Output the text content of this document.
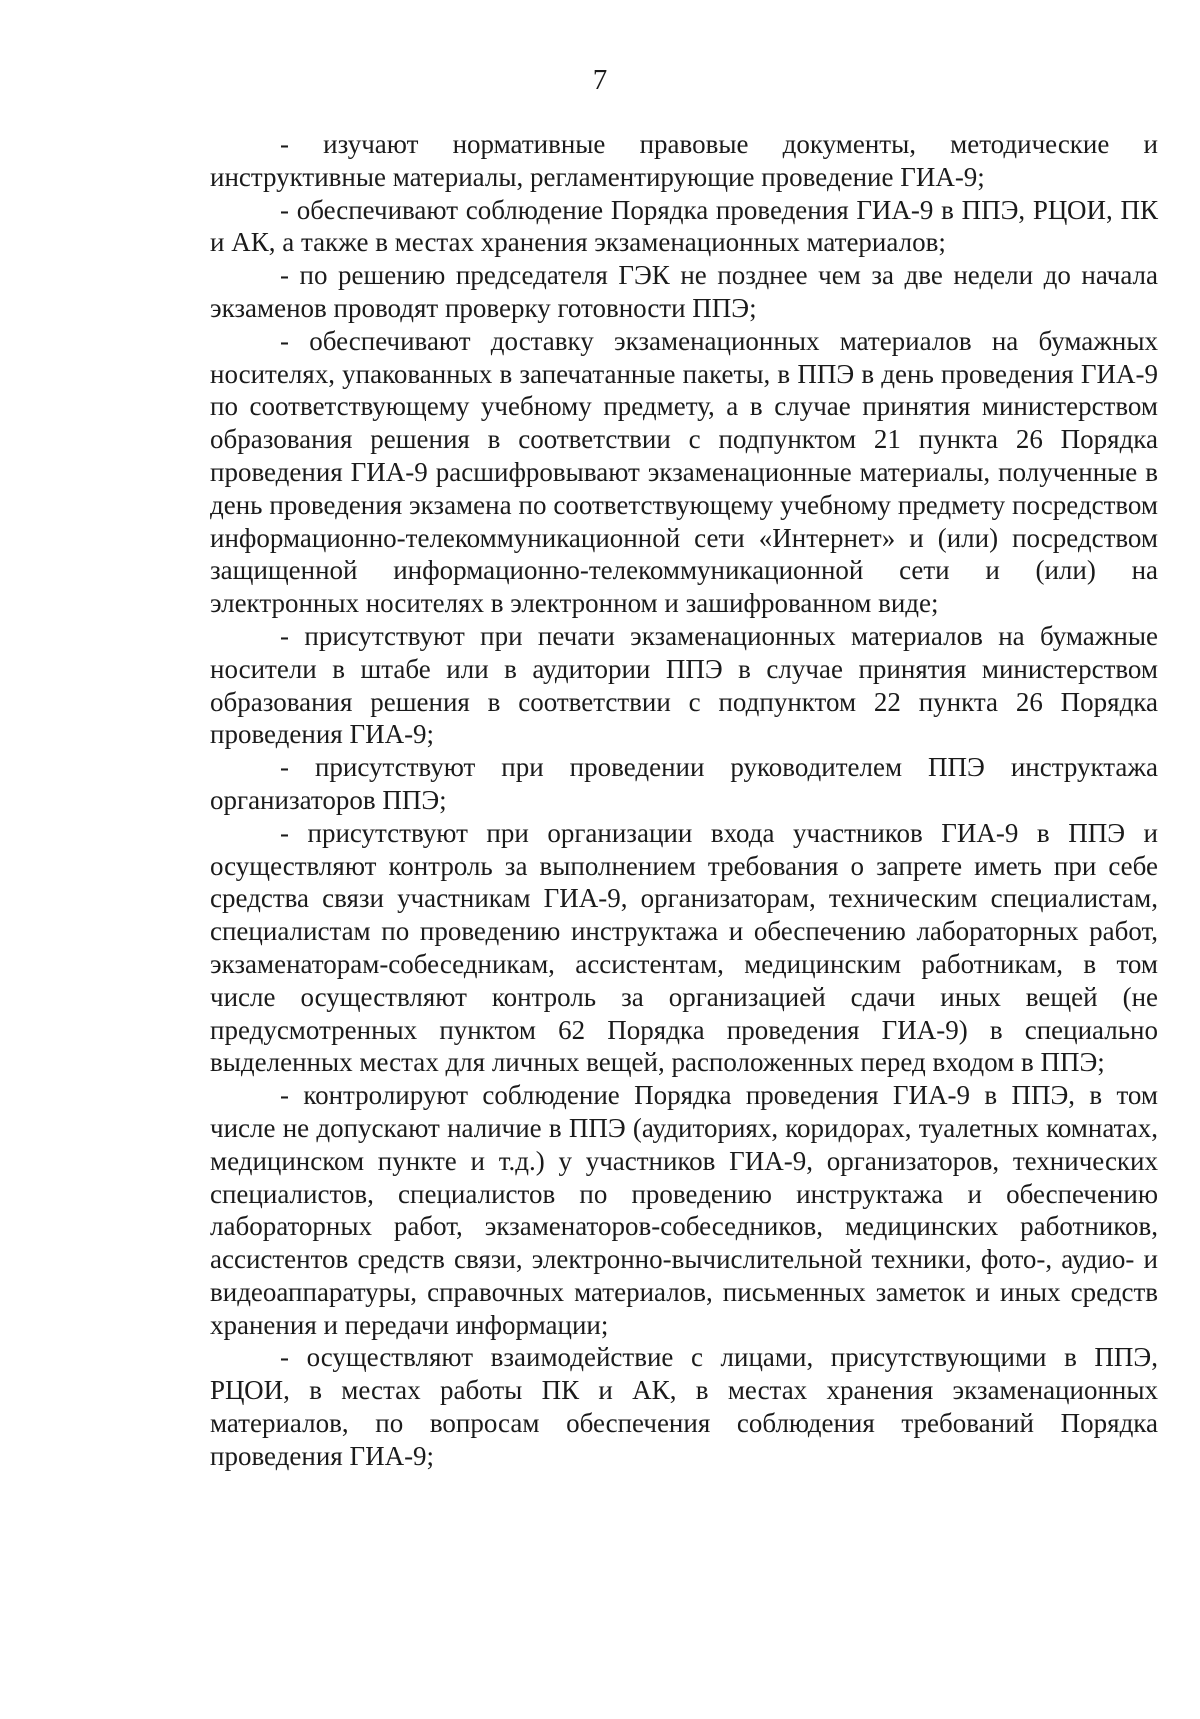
7

- изучают нормативные правовые документы, методические и инструктивные материалы, регламентирующие проведение ГИА-9;

- обеспечивают соблюдение Порядка проведения ГИА-9 в ППЭ, РЦОИ, ПК и АК, а также в местах хранения экзаменационных материалов;

- по решению председателя ГЭК не позднее чем за две недели до начала экзаменов проводят проверку готовности ППЭ;

- обеспечивают доставку экзаменационных материалов на бумажных носителях, упакованных в запечатанные пакеты, в ППЭ в день проведения ГИА-9 по соответствующему учебному предмету, а в случае принятия министерством образования решения в соответствии с подпунктом 21 пункта 26 Порядка проведения ГИА-9 расшифровывают экзаменационные материалы, полученные в день проведения экзамена по соответствующему учебному предмету посредством информационно-телекоммуникационной сети «Интернет» и (или) посредством защищенной информационно-телекоммуникационной сети и (или) на электронных носителях в электронном и зашифрованном виде;

- присутствуют при печати экзаменационных материалов на бумажные носители в штабе или в аудитории ППЭ в случае принятия министерством образования решения в соответствии с подпунктом 22 пункта 26 Порядка проведения ГИА-9;

- присутствуют при проведении руководителем ППЭ инструктажа организаторов ППЭ;

- присутствуют при организации входа участников ГИА-9 в ППЭ и осуществляют контроль за выполнением требования о запрете иметь при себе средства связи участникам ГИА-9, организаторам, техническим специалистам, специалистам по проведению инструктажа и обеспечению лабораторных работ, экзаменаторам-собеседникам, ассистентам, медицинским работникам, в том числе осуществляют контроль за организацией сдачи иных вещей (не предусмотренных пунктом 62 Порядка проведения ГИА-9) в специально выделенных местах для личных вещей, расположенных перед входом в ППЭ;

- контролируют соблюдение Порядка проведения ГИА-9 в ППЭ, в том числе не допускают наличие в ППЭ (аудиториях, коридорах, туалетных комнатах, медицинском пункте и т.д.) у участников ГИА-9, организаторов, технических специалистов, специалистов по проведению инструктажа и обеспечению лабораторных работ, экзаменаторов-собеседников, медицинских работников, ассистентов средств связи, электронно-вычислительной техники, фото-, аудио- и видеоаппаратуры, справочных материалов, письменных заметок и иных средств хранения и передачи информации;

- осуществляют взаимодействие с лицами, присутствующими в ППЭ, РЦОИ, в местах работы ПК и АК, в местах хранения экзаменационных материалов, по вопросам обеспечения соблюдения требований Порядка проведения ГИА-9;
